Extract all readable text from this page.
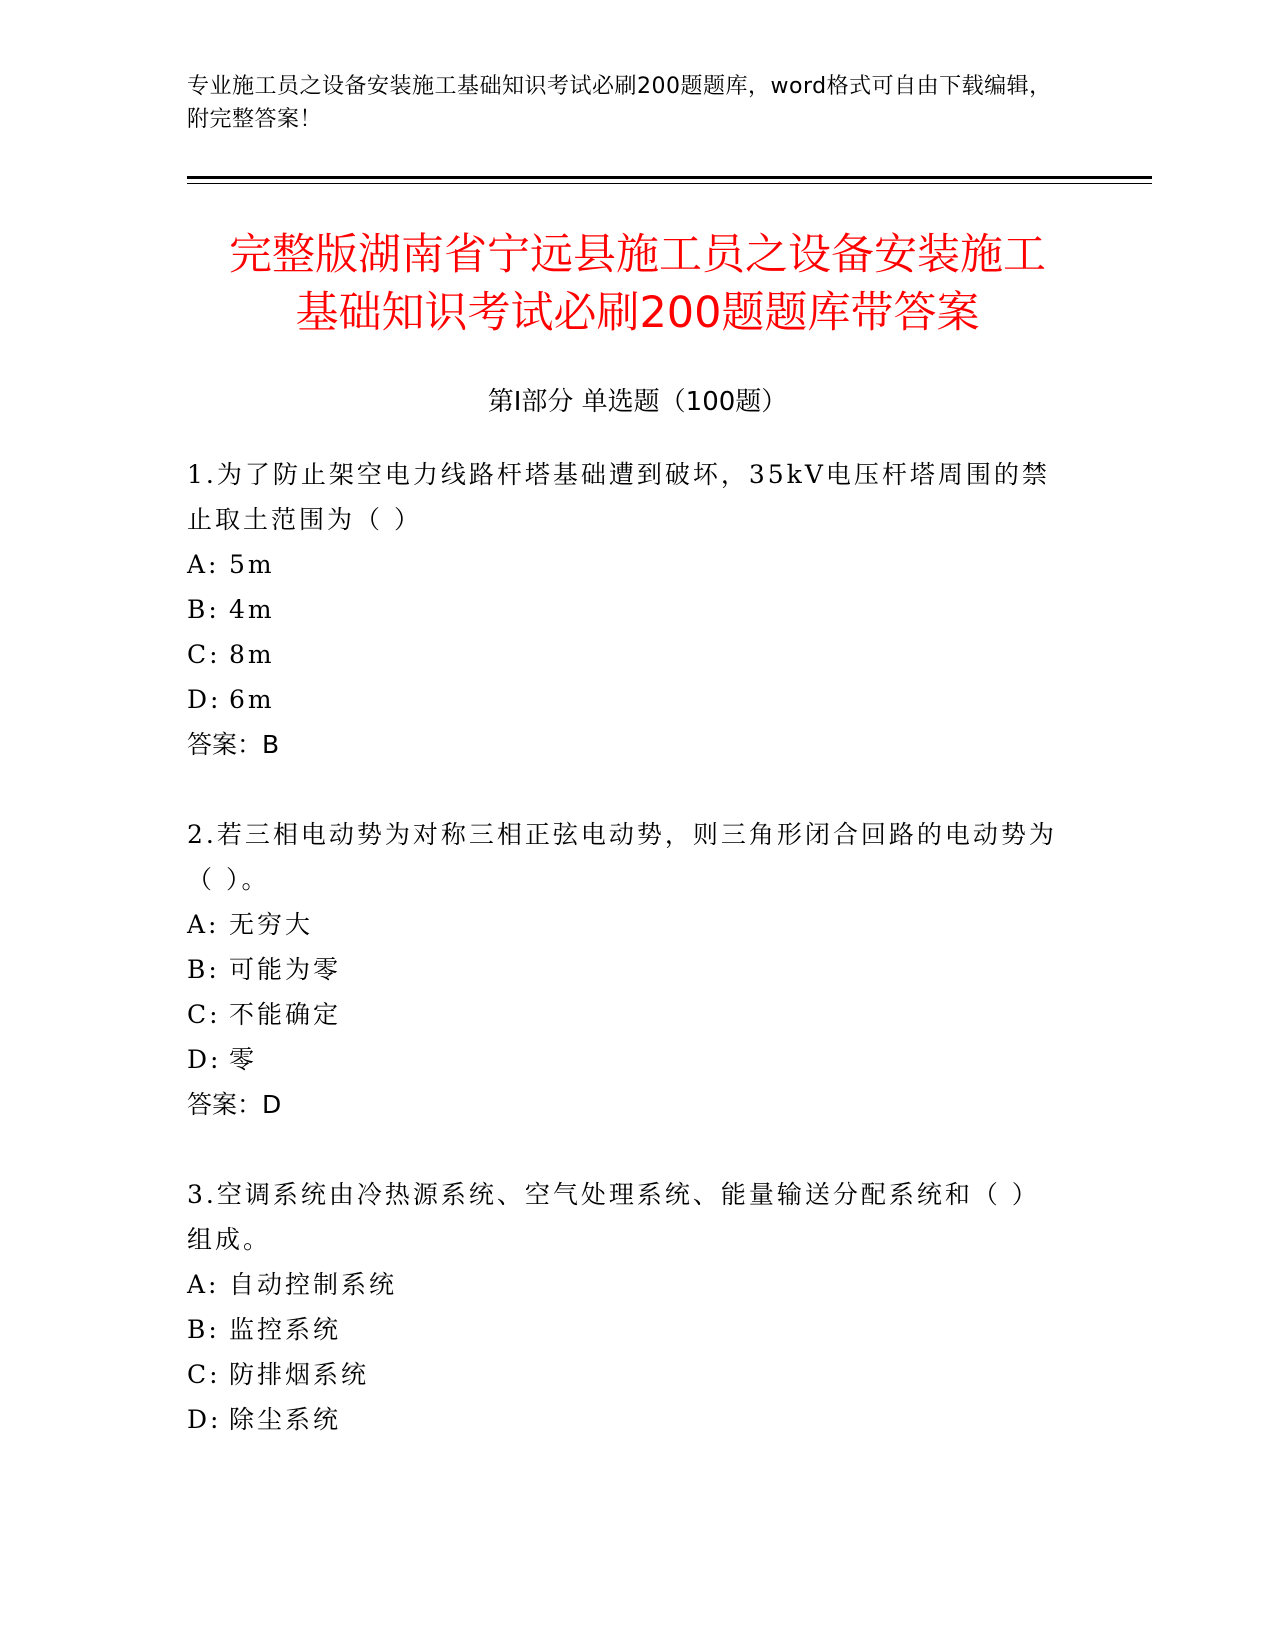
专业施工员之设备安装施工基础知识考试必刷200题题库，word格式可自由下载编辑，附完整答案！
完整版湖南省宁远县施工员之设备安装施工
基础知识考试必刷200题题库带答案
第Ⅰ部分 单选题（100题）

1.为了防止架空电力线路杆塔基础遭到破坏，35kV电压杆塔周围的禁止取土范围为（ ）

A: 5m

B: 4m

C: 8m

D: 6m

答案：B

2.若三相电动势为对称三相正弦电动势，则三角形闭合回路的电动势为（ ）。

A: 无穷大

B: 可能为零

C: 不能确定

D: 零

答案：D

3.空调系统由冷热源系统、空气处理系统、能量输送分配系统和（ ）组成。

A: 自动控制系统

B: 监控系统

C: 防排烟系统

D: 除尘系统
